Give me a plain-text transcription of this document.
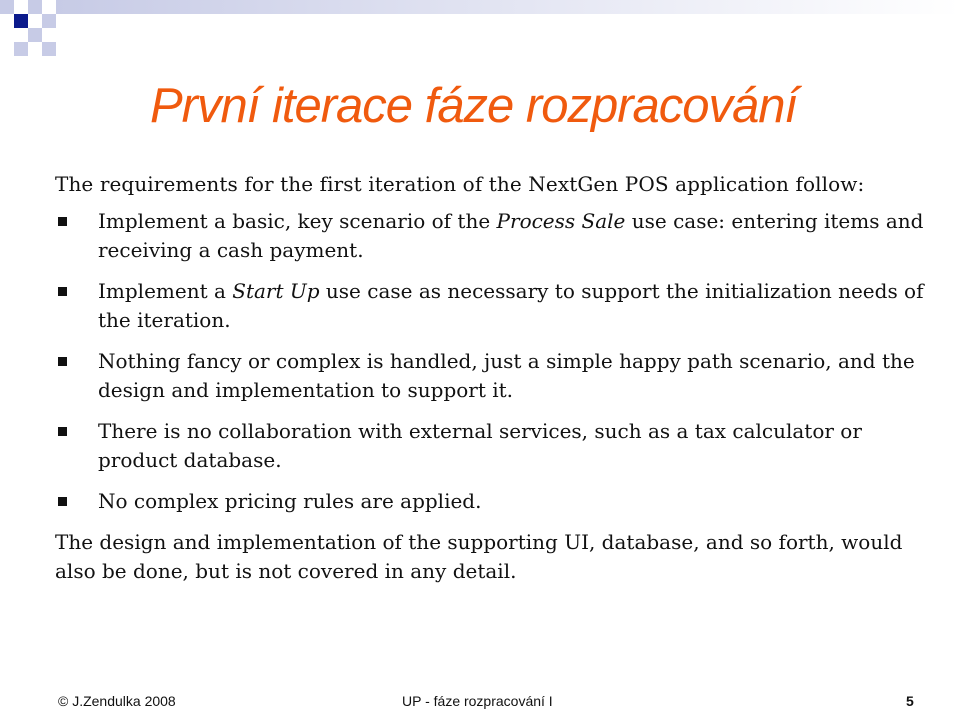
První iterace fáze rozpracování

The requirements for the first iteration of the NextGen POS application follow:

Implement a basic, key scenario of the Process Sale use case: entering items and receiving a cash payment.
Implement a Start Up use case as necessary to support the initialization needs of the iteration.
Nothing fancy or complex is handled, just a simple happy path scenario, and the design and implementation to support it.
There is no collaboration with external services, such as a tax calculator or product database.
No complex pricing rules are applied.

The design and implementation of the supporting UI, database, and so forth, would also be done, but is not covered in any detail.

© J.Zendulka 2008	UP - fáze rozpracování I	5
